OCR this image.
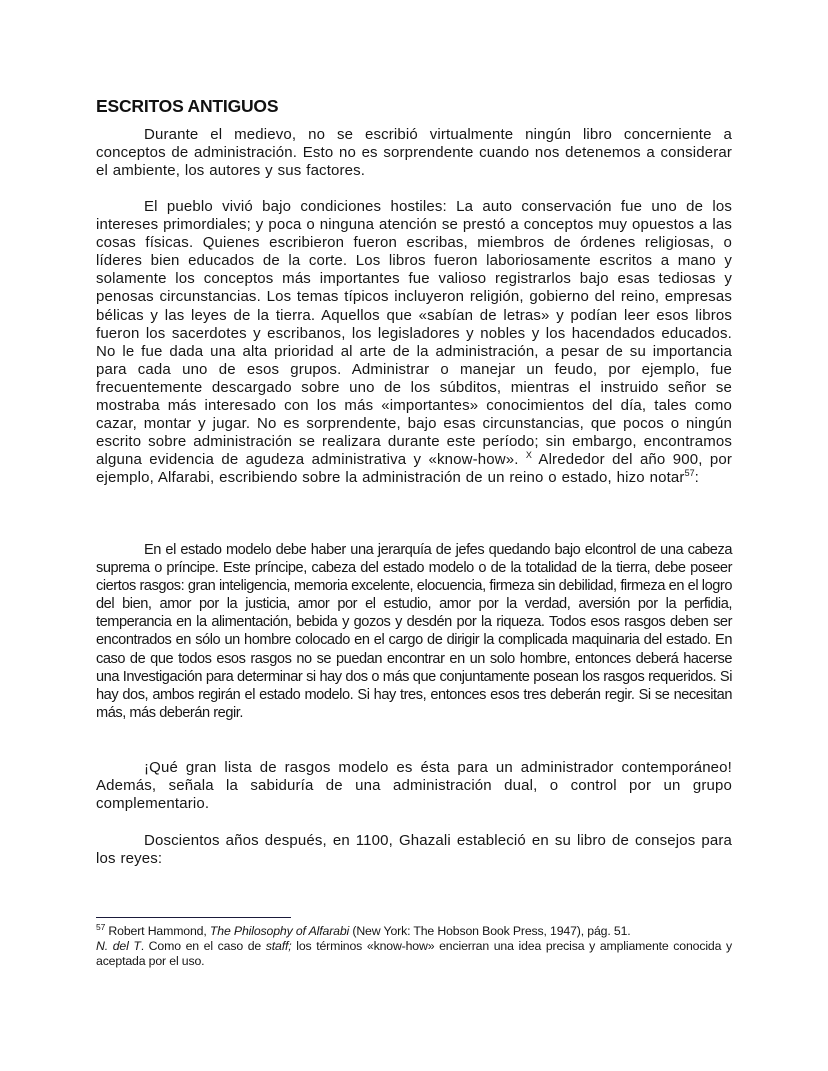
ESCRITOS ANTIGUOS

Durante el medievo, no se escribió virtualmente ningún libro concerniente a conceptos de administración. Esto no es sorprendente cuando nos detenemos a considerar el ambiente, los autores y sus factores.

El pueblo vivió bajo condiciones hostiles: La auto conservación fue uno de los intereses primordiales; y poca o ninguna atención se prestó a conceptos muy opuestos a las cosas físicas. Quienes escribieron fueron escribas, miembros de órdenes religiosas, o líderes bien educados de la corte. Los libros fueron laboriosamente escritos a mano y solamente los conceptos más importantes fue valioso registrarlos bajo esas tediosas y penosas circunstancias. Los temas típicos incluyeron religión, gobierno del reino, empresas bélicas y las leyes de la tierra. Aquellos que «sabían de letras» y podían leer esos libros fueron los sacerdotes y escribanos, los legisladores y nobles y los hacendados educados. No le fue dada una alta prioridad al arte de la administración, a pesar de su importancia para cada uno de esos grupos. Administrar o manejar un feudo, por ejemplo, fue frecuentemente descargado sobre uno de los súbditos, mientras el instruido señor se mostraba más interesado con los más «importantes» conocimientos del día, tales como cazar, montar y jugar. No es sorprendente, bajo esas circunstancias, que pocos o ningún escrito sobre administración se realizara durante este período; sin embargo, encontramos alguna evidencia de agudeza administrativa y «know-how». $^X$ Alrededor del año 900, por ejemplo, Alfarabi, escribiendo sobre la administración de un reino o estado, hizo notar$^{57}$:

En el estado modelo debe haber una jerarquía de jefes quedando bajo elcontrol de una cabeza suprema o príncipe. Este príncipe, cabeza del estado modelo o de la totalidad de la tierra, debe poseer ciertos rasgos: gran inteligencia, memoria excelente, elocuencia, firmeza sin debilidad, firmeza en el logro del bien, amor por la justicia, amor por el estudio, amor por la verdad, aversión por la perfidia, temperancia en la alimentación, bebida y gozos y desdén por la riqueza. Todos esos rasgos deben ser encontrados en sólo un hombre colocado en el cargo de dirigir la complicada maquinaria del estado. En caso de que todos esos rasgos no se puedan encontrar en un solo hombre, entonces deberá hacerse una Investigación para determinar si hay dos o más que conjuntamente posean los rasgos requeridos. Si hay dos, ambos regirán el estado modelo. Si hay tres, entonces esos tres deberán regir. Si se necesitan más, más deberán regir.

¡Qué gran lista de rasgos modelo es ésta para un administrador contemporáneo! Además, señala la sabiduría de una administración dual, o control por un grupo complementario.

Doscientos años después, en 1100, Ghazali estableció en su libro de consejos para los reyes:

$^{57}$ Robert Hammond, The Philosophy of Alfarabi (New York: The Hobson Book Press, 1947), pág. 51.

N. del T. Como en el caso de staff; los términos «know-how» encierran una idea precisa y ampliamente conocida y aceptada por el uso.
